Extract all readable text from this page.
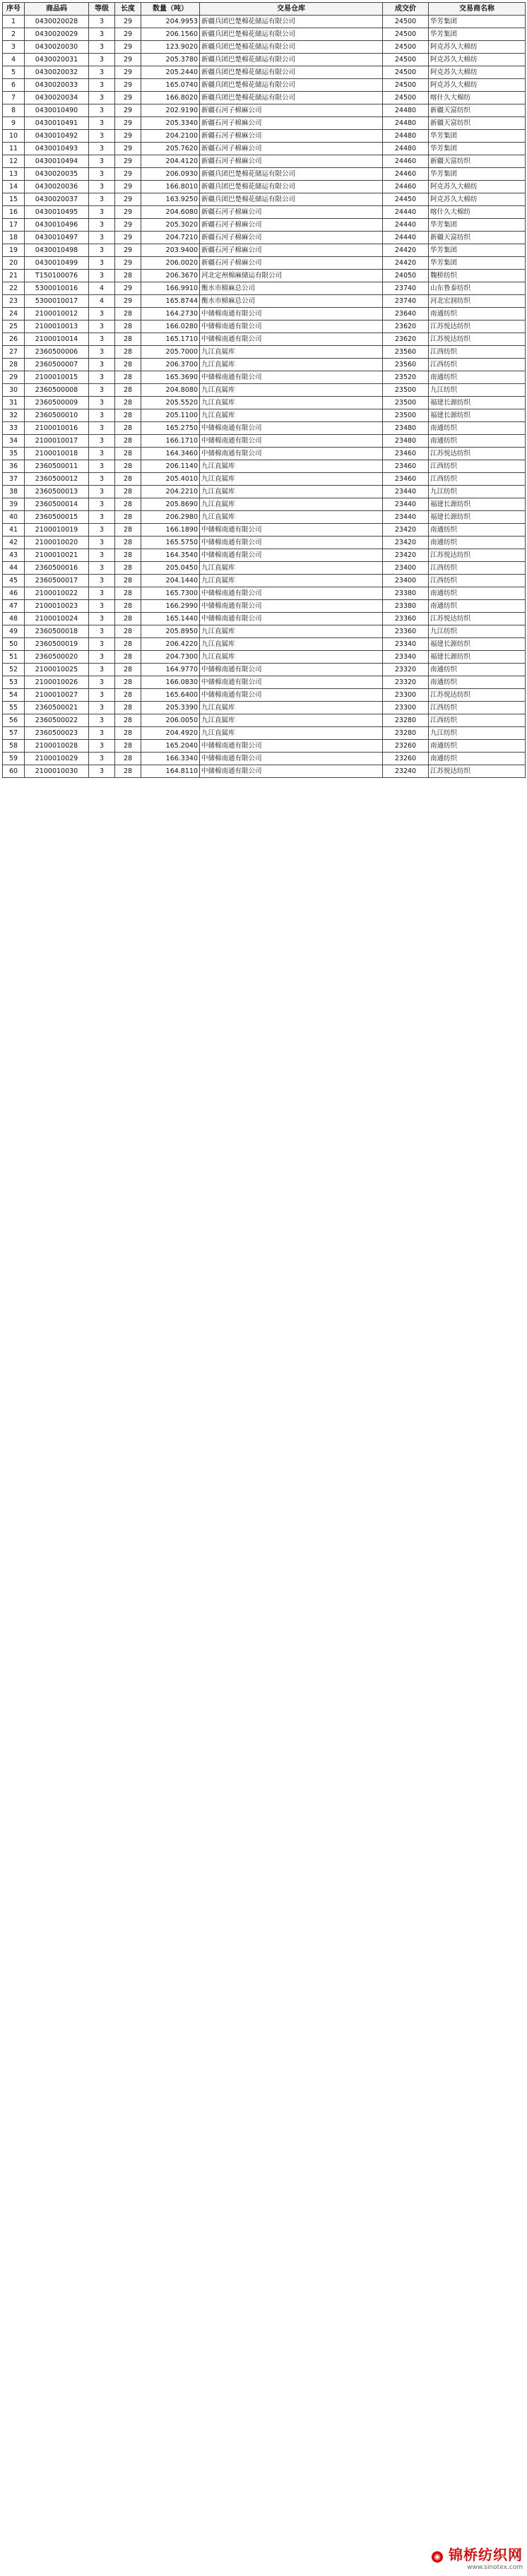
序号	商品码	等级	长度	数量（吨）	交易仓库	成交价	交易商名称
1	0430020028	3	29	204.9953	新疆兵团巴楚棉花储运有限公司	24500	华芳集团
2	0430020029	3	29	206.1560	新疆兵团巴楚棉花储运有限公司	24500	华芳集团
3	0430020030	3	29	123.9020	新疆兵团巴楚棉花储运有限公司	24500	阿克苏久大棉纺
4	0430020031	3	29	205.3780	新疆兵团巴楚棉花储运有限公司	24500	阿克苏久大棉纺
5	0430020032	3	29	205.2440	新疆兵团巴楚棉花储运有限公司	24500	阿克苏久大棉纺
6	0430020033	3	29	165.0740	新疆兵团巴楚棉花储运有限公司	24500	阿克苏久大棉纺
7	0430020034	3	29	166.8020	新疆兵团巴楚棉花储运有限公司	24500	喀什久大棉纺
8	0430010490	3	29	202.9190	新疆石河子棉麻公司	24480	新疆天富纺织
9	0430010491	3	29	205.3340	新疆石河子棉麻公司	24480	新疆天富纺织
10	0430010492	3	29	204.2100	新疆石河子棉麻公司	24480	华芳集团
11	0430010493	3	29	205.7620	新疆石河子棉麻公司	24480	华芳集团
12	0430010494	3	29	204.4120	新疆石河子棉麻公司	24460	新疆天富纺织
13	0430020035	3	29	206.0930	新疆兵团巴楚棉花储运有限公司	24460	华芳集团
14	0430020036	3	29	166.8010	新疆兵团巴楚棉花储运有限公司	24460	阿克苏久大棉纺
15	0430020037	3	29	163.9250	新疆兵团巴楚棉花储运有限公司	24450	阿克苏久大棉纺
16	0430010495	3	29	204.6080	新疆石河子棉麻公司	24440	喀什久大棉纺
17	0430010496	3	29	205.3020	新疆石河子棉麻公司	24440	华芳集团
18	0430010497	3	29	204.7210	新疆石河子棉麻公司	24440	新疆天富纺织
19	0430010498	3	29	203.9400	新疆石河子棉麻公司	24420	华芳集团
20	0430010499	3	29	206.0020	新疆石河子棉麻公司	24420	华芳集团
21	T150100076	3	28	206.3670	河北定州棉麻储运有限公司	24050	魏桥纺织
22	5300010016	4	29	166.9910	衡水市棉麻总公司	23740	山东鲁泰纺织
23	5300010017	4	29	165.8744	衡水市棉麻总公司	23740	河北宏润纺织
24	2100010012	3	28	164.2730	中储棉南通有限公司	23640	南通纺织
25	2100010013	3	28	166.0280	中储棉南通有限公司	23620	江苏悦达纺织
26	2100010014	3	28	165.1710	中储棉南通有限公司	23620	江苏悦达纺织
27	2360500006	3	28	205.7000	九江直属库	23560	江西纺织
28	2360500007	3	28	206.3700	九江直属库	23560	江西纺织
29	2100010015	3	28	165.3690	中储棉南通有限公司	23520	南通纺织
30	2360500008	3	28	204.8080	九江直属库	23500	九江纺织
31	2360500009	3	28	205.5520	九江直属库	23500	福建长源纺织
32	2360500010	3	28	205.1100	九江直属库	23500	福建长源纺织
33	2100010016	3	28	165.2750	中储棉南通有限公司	23480	南通纺织
34	2100010017	3	28	166.1710	中储棉南通有限公司	23480	南通纺织
35	2100010018	3	28	164.3460	中储棉南通有限公司	23460	江苏悦达纺织
36	2360500011	3	28	206.1140	九江直属库	23460	江西纺织
37	2360500012	3	28	205.4010	九江直属库	23460	江西纺织
38	2360500013	3	28	204.2210	九江直属库	23440	九江纺织
39	2360500014	3	28	205.8690	九江直属库	23440	福建长源纺织
40	2360500015	3	28	206.2980	九江直属库	23440	福建长源纺织
41	2100010019	3	28	166.1890	中储棉南通有限公司	23420	南通纺织
42	2100010020	3	28	165.5750	中储棉南通有限公司	23420	南通纺织
43	2100010021	3	28	164.3540	中储棉南通有限公司	23420	江苏悦达纺织
44	2360500016	3	28	205.0450	九江直属库	23400	江西纺织
45	2360500017	3	28	204.1440	九江直属库	23400	江西纺织
46	2100010022	3	28	165.7300	中储棉南通有限公司	23380	南通纺织
47	2100010023	3	28	166.2990	中储棉南通有限公司	23380	南通纺织
48	2100010024	3	28	165.1440	中储棉南通有限公司	23360	江苏悦达纺织
49	2360500018	3	28	205.8950	九江直属库	23360	九江纺织
50	2360500019	3	28	206.4220	九江直属库	23340	福建长源纺织
51	2360500020	3	28	204.7300	九江直属库	23340	福建长源纺织
52	2100010025	3	28	164.9770	中储棉南通有限公司	23320	南通纺织
53	2100010026	3	28	166.0830	中储棉南通有限公司	23320	南通纺织
54	2100010027	3	28	165.6400	中储棉南通有限公司	23300	江苏悦达纺织
55	2360500021	3	28	205.3390	九江直属库	23300	江西纺织
56	2360500022	3	28	206.0050	九江直属库	23280	江西纺织
57	2360500023	3	28	204.4920	九江直属库	23280	九江纺织
58	2100010028	3	28	165.2040	中储棉南通有限公司	23260	南通纺织
59	2100010029	3	28	166.3340	中储棉南通有限公司	23260	南通纺织
60	2100010030	3	28	164.8110	中储棉南通有限公司	23240	江苏悦达纺织
◉ 锦桥纺织网
www.sinotex.com
